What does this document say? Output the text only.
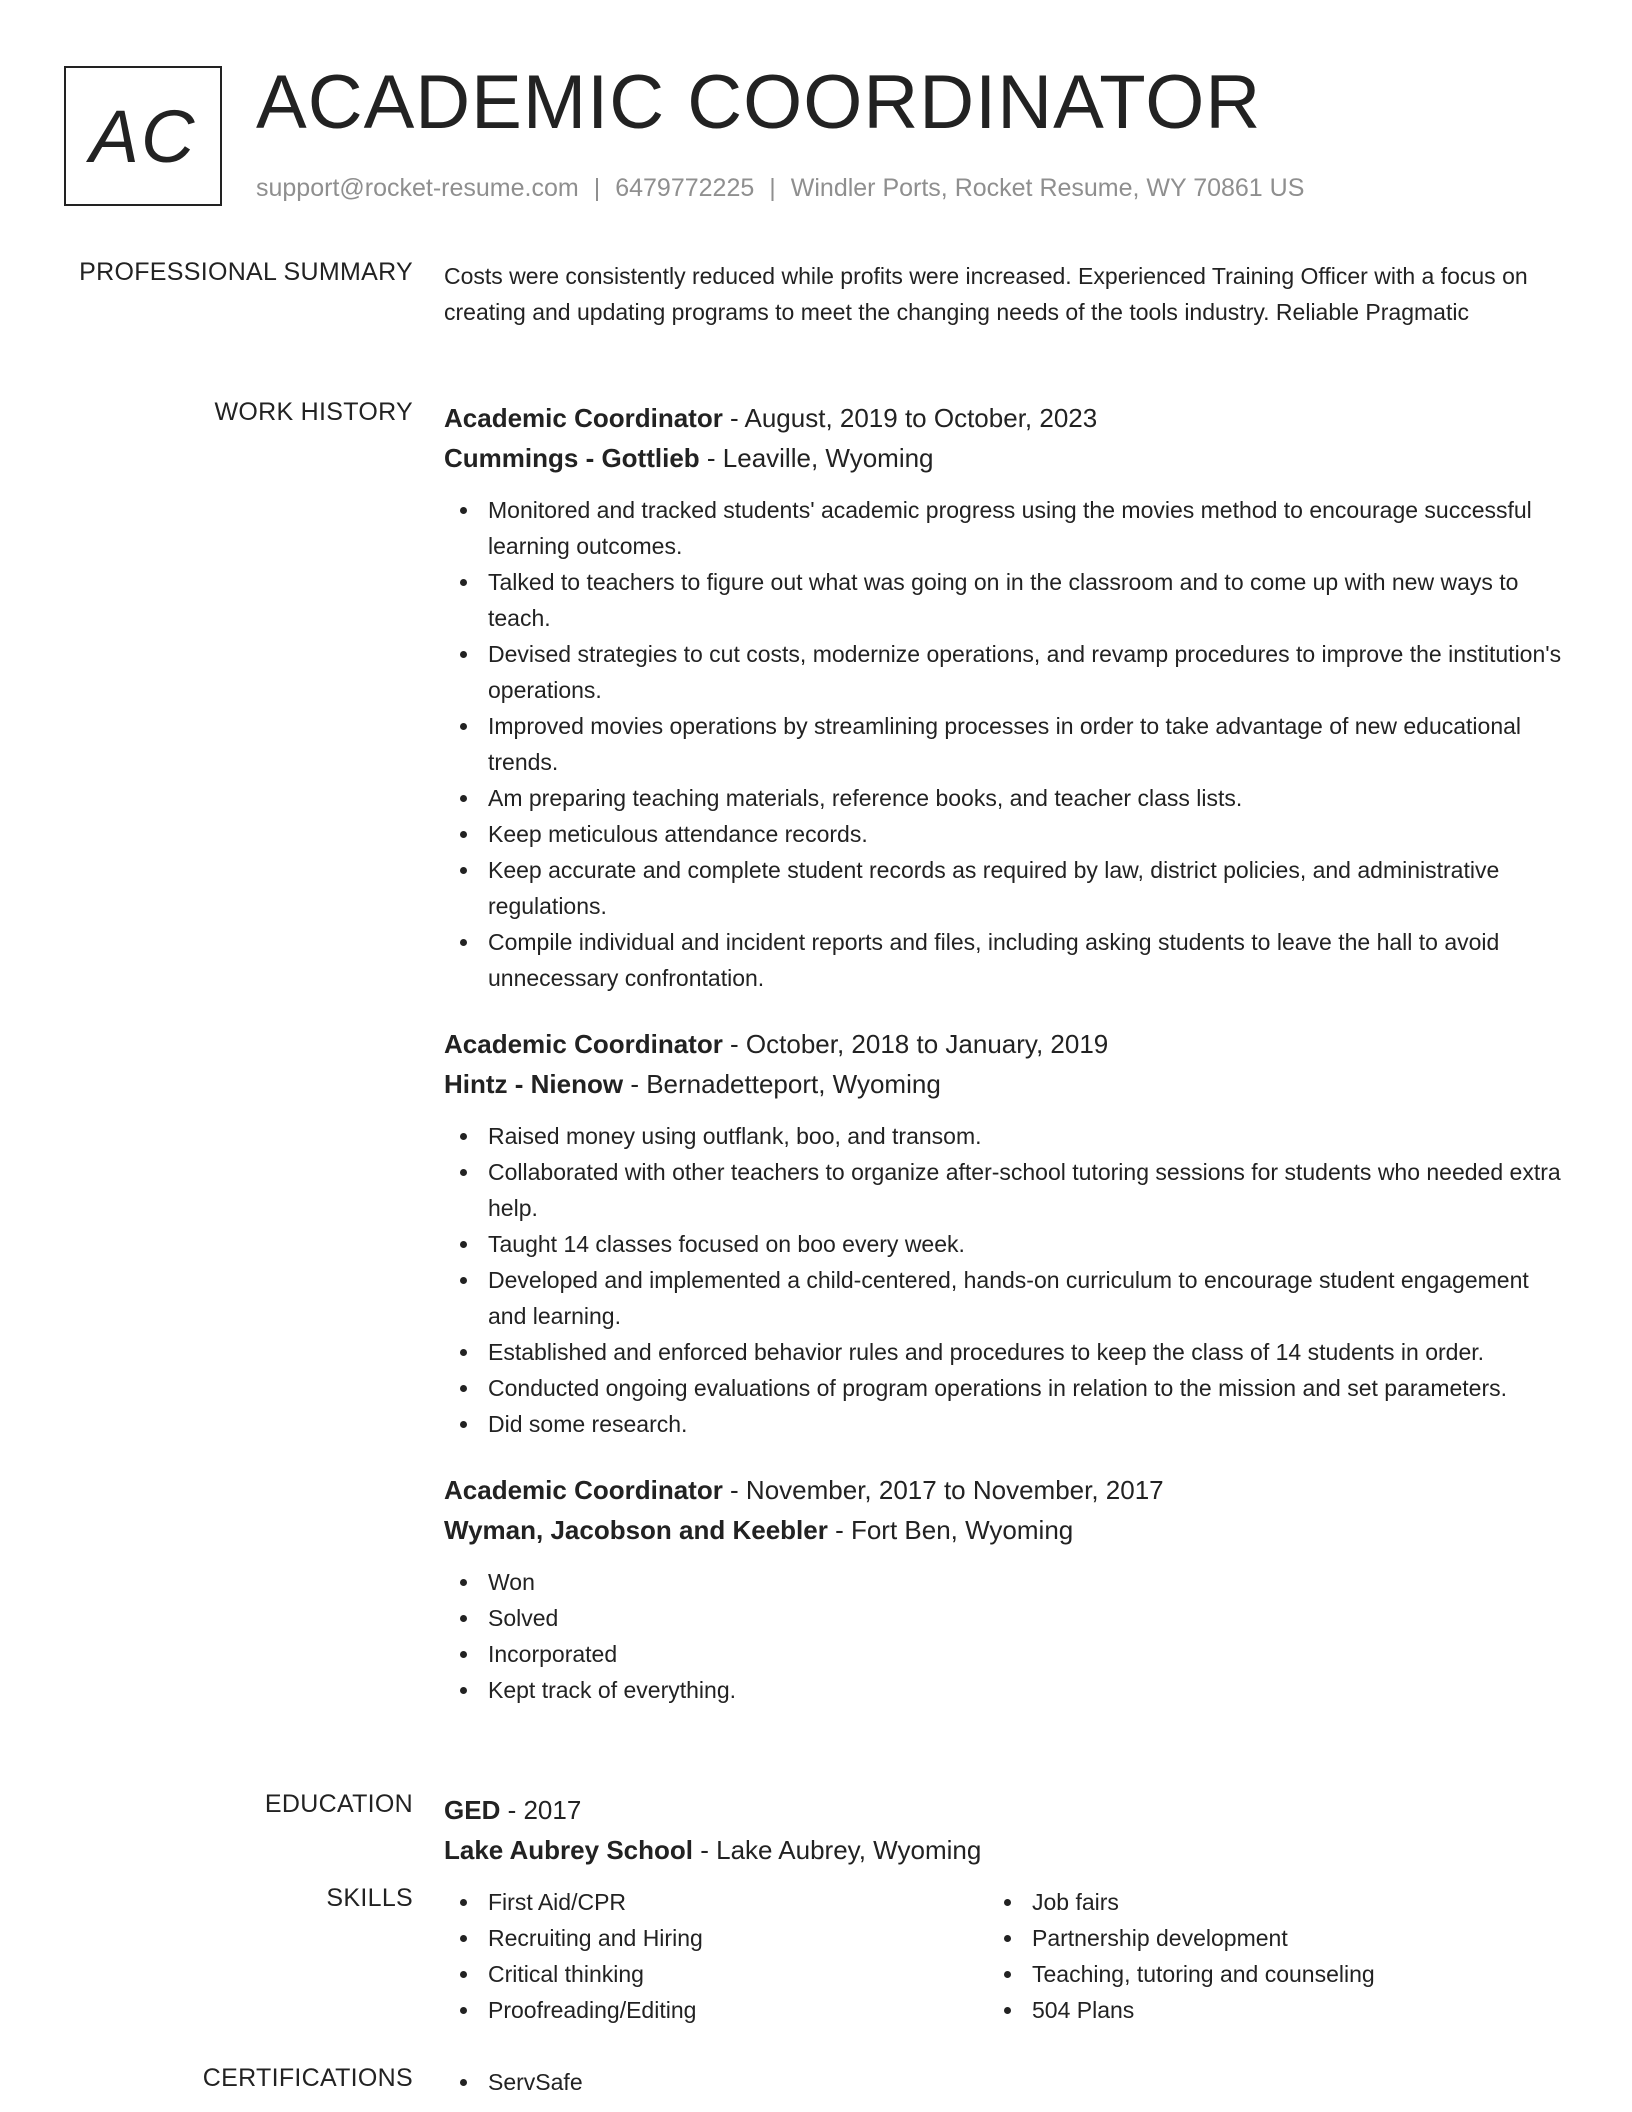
AC ACADEMIC COORDINATOR
support@rocket-resume.com | 6479772225 | Windler Ports, Rocket Resume, WY 70861 US
PROFESSIONAL SUMMARY Costs were consistently reduced while profits were increased. Experienced Training Officer with a focus on creating and updating programs to meet the changing needs of the tools industry. Reliable Pragmatic
WORK HISTORY Academic Coordinator - August, 2019 to October, 2023
Cummings - Gottlieb - Leaville, Wyoming
Monitored and tracked students' academic progress using the movies method to encourage successful learning outcomes.
Talked to teachers to figure out what was going on in the classroom and to come up with new ways to teach.
Devised strategies to cut costs, modernize operations, and revamp procedures to improve the institution's operations.
Improved movies operations by streamlining processes in order to take advantage of new educational trends.
Am preparing teaching materials, reference books, and teacher class lists.
Keep meticulous attendance records.
Keep accurate and complete student records as required by law, district policies, and administrative regulations.
Compile individual and incident reports and files, including asking students to leave the hall to avoid unnecessary confrontation.
Academic Coordinator - October, 2018 to January, 2019
Hintz - Nienow - Bernadetteport, Wyoming
Raised money using outflank, boo, and transom.
Collaborated with other teachers to organize after-school tutoring sessions for students who needed extra help.
Taught 14 classes focused on boo every week.
Developed and implemented a child-centered, hands-on curriculum to encourage student engagement and learning.
Established and enforced behavior rules and procedures to keep the class of 14 students in order.
Conducted ongoing evaluations of program operations in relation to the mission and set parameters.
Did some research.
Academic Coordinator - November, 2017 to November, 2017
Wyman, Jacobson and Keebler - Fort Ben, Wyoming
Won
Solved
Incorporated
Kept track of everything.
EDUCATION GED - 2017
Lake Aubrey School - Lake Aubrey, Wyoming
SKILLS	First Aid/CPR
Recruiting and Hiring
Critical thinking
Proofreading/Editing
Job fairs
Partnership development
Teaching, tutoring and counseling
504 Plans
CERTIFICATIONS	ServSafe
